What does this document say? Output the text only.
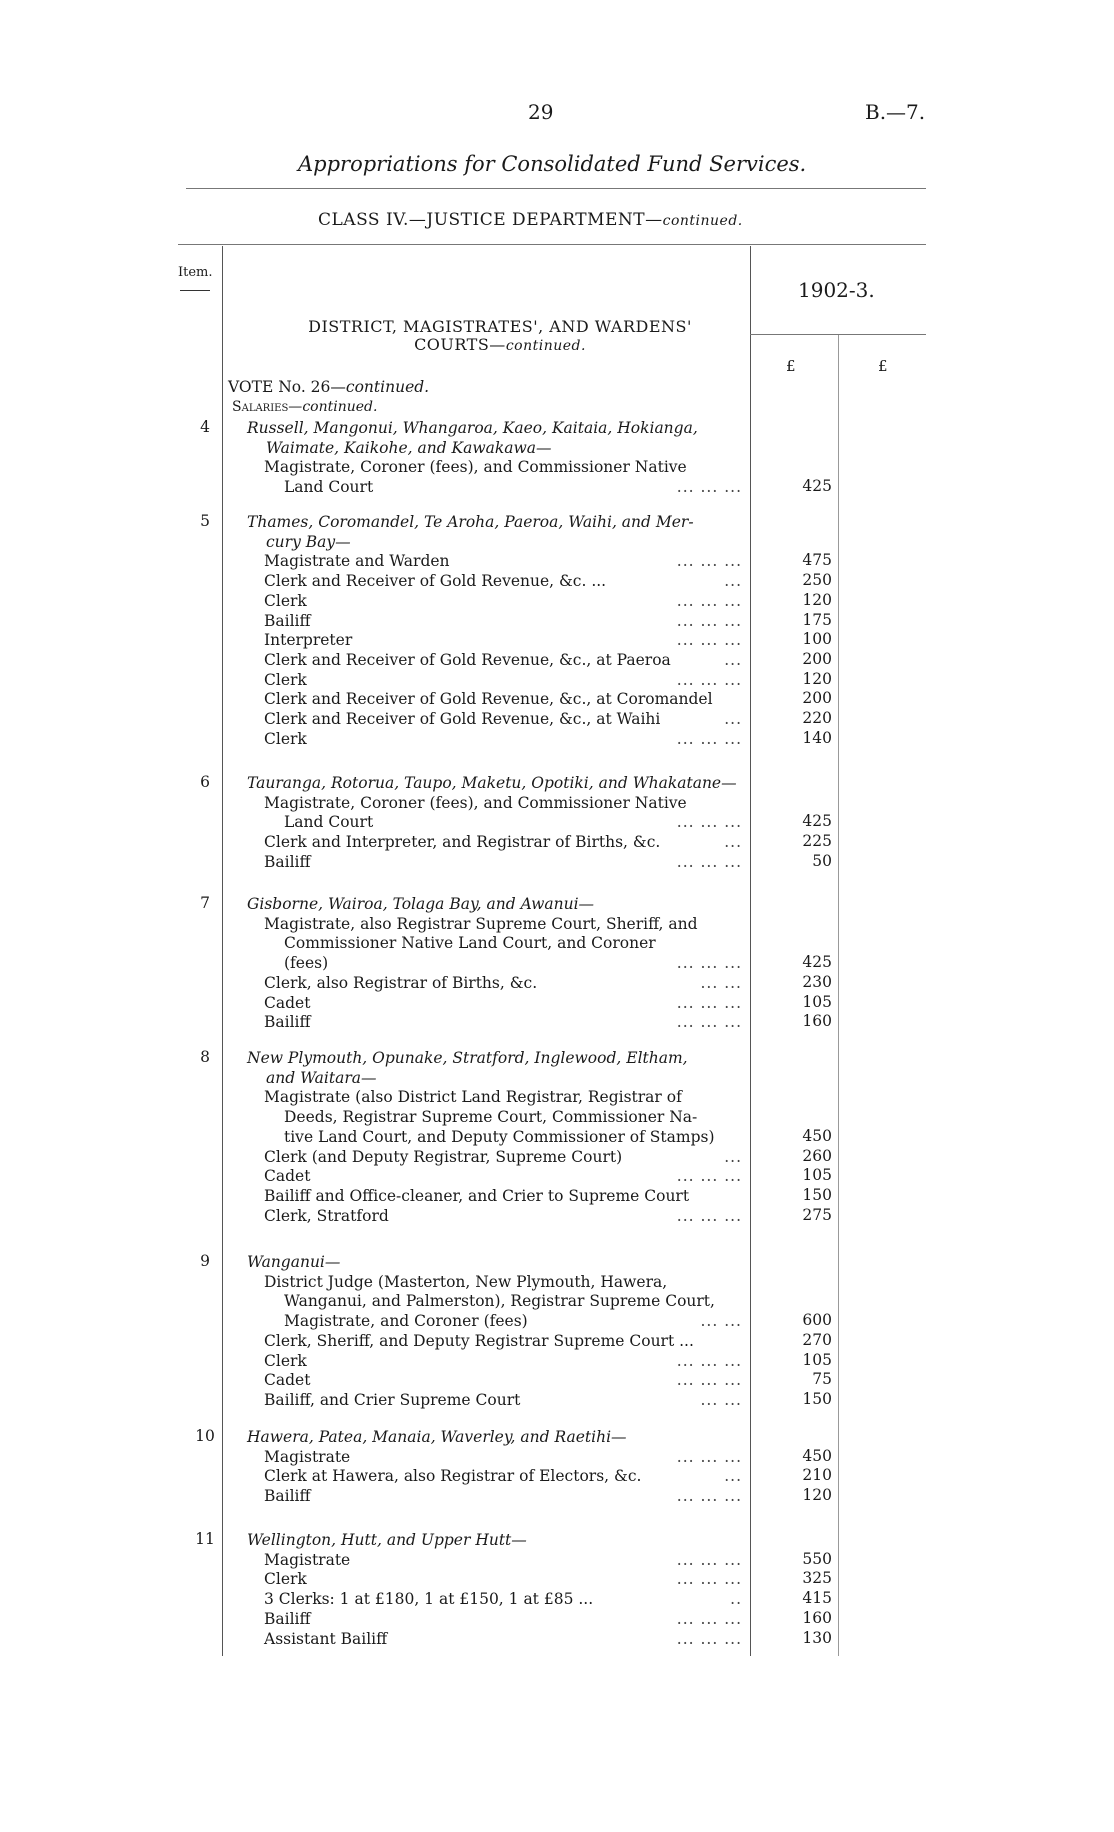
29	B.—7.
Appropriations for Consolidated Fund Services.
CLASS IV.—JUSTICE DEPARTMENT—continued.
Item.
1902-3.
£	£
DISTRICT, MAGISTRATES', AND WARDENS'
COURTS—continued.
VOTE No. 26—continued.
Salaries—continued.
4	Russell, Mangonui, Whangaroa, Kaeo, Kaitaia, Hokianga,
Waimate, Kaikohe, and Kawakawa—
Magistrate, Coroner (fees), and Commissioner Native
Land Court	... ... ...	425
5	Thames, Coromandel, Te Aroha, Paeroa, Waihi, and Mer-
cury Bay—
Magistrate and Warden	... ... ...	475
Clerk and Receiver of Gold Revenue, &c. ...	...	250
Clerk	... ... ...	120
Bailiff	... ... ...	175
Interpreter	... ... ...	100
Clerk and Receiver of Gold Revenue, &c., at Paeroa	...	200
Clerk	... ... ...	120
Clerk and Receiver of Gold Revenue, &c., at Coromandel	200
Clerk and Receiver of Gold Revenue, &c., at Waihi	...	220
Clerk	... ... ...	140
6	Tauranga, Rotorua, Taupo, Maketu, Opotiki, and Whakatane—
Magistrate, Coroner (fees), and Commissioner Native
Land Court	... ... ...	425
Clerk and Interpreter, and Registrar of Births, &c.	...	225
Bailiff	... ... ...	50
7	Gisborne, Wairoa, Tolaga Bay, and Awanui—
Magistrate, also Registrar Supreme Court, Sheriff, and
Commissioner Native Land Court, and Coroner
(fees)	... ... ...	425
Clerk, also Registrar of Births, &c.	... ...	230
Cadet	... ... ...	105
Bailiff	... ... ...	160
8	New Plymouth, Opunake, Stratford, Inglewood, Eltham,
and Waitara—
Magistrate (also District Land Registrar, Registrar of
Deeds, Registrar Supreme Court, Commissioner Na-
tive Land Court, and Deputy Commissioner of Stamps)	450
Clerk (and Deputy Registrar, Supreme Court)	...	260
Cadet	... ... ...	105
Bailiff and Office-cleaner, and Crier to Supreme Court	150
Clerk, Stratford	... ... ...	275
9	Wanganui—
District Judge (Masterton, New Plymouth, Hawera,
Wanganui, and Palmerston), Registrar Supreme Court,
Magistrate, and Coroner (fees)	... ...	600
Clerk, Sheriff, and Deputy Registrar Supreme Court ...	270
Clerk	... ... ...	105
Cadet	... ... ...	75
Bailiff, and Crier Supreme Court	... ...	150
10 Hawera, Patea, Manaia, Waverley, and Raetihi—
Magistrate	... ... ...	450
Clerk at Hawera, also Registrar of Electors, &c.	...	210
Bailiff	... ... ...	120
11 Wellington, Hutt, and Upper Hutt—
Magistrate	... ... ...	550
Clerk	... ... ...	325
3 Clerks: 1 at £180, 1 at £150, 1 at £85 ...	..	415
Bailiff	... ... ...	160
Assistant Bailiff	... ... ...	130
